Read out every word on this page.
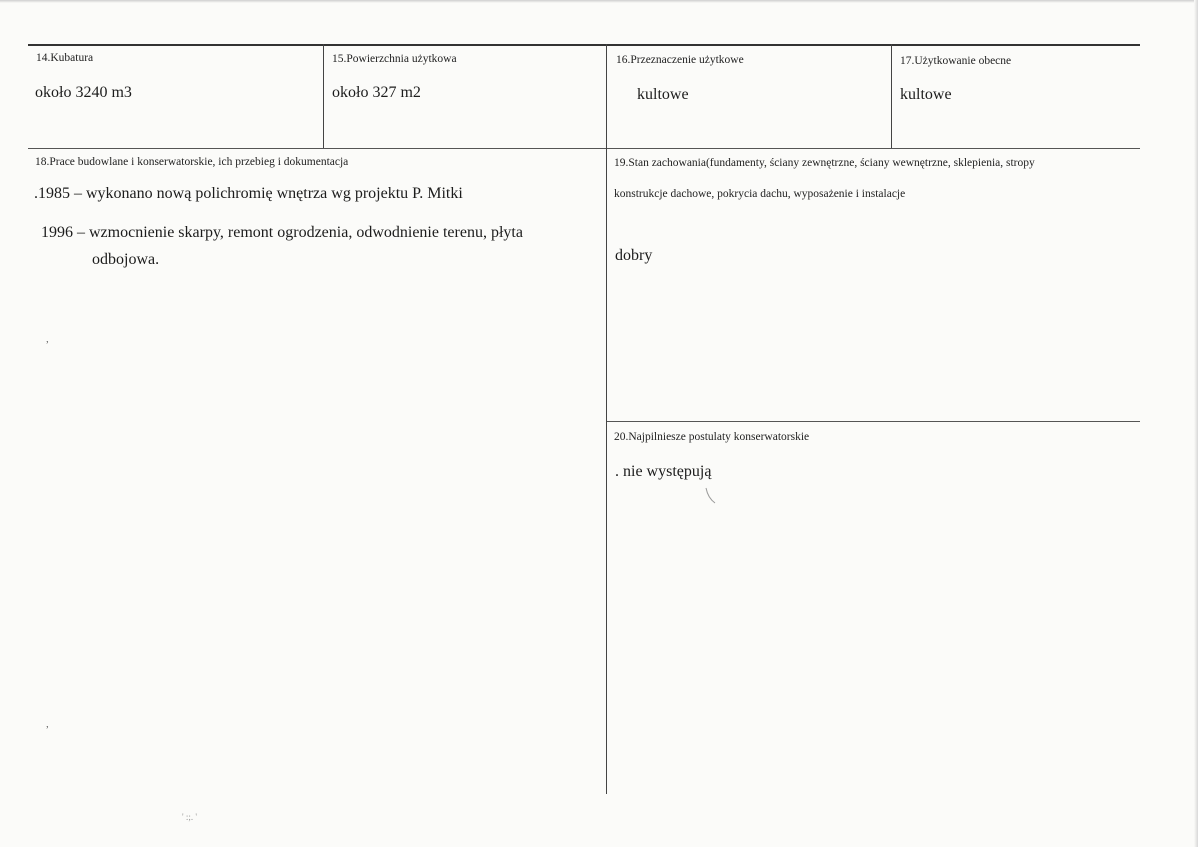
14.Kubatura
około 3240 m3
15.Powierzchnia użytkowa
około 327 m2
16.Przeznaczenie użytkowe
kultowe
17.Użytkowanie obecne
kultowe
18.Prace budowlane i konserwatorskie, ich przebieg i dokumentacja
.1985 – wykonano nową polichromię wnętrza wg projektu P. Mitki
1996 – wzmocnienie skarpy, remont ogrodzenia, odwodnienie terenu, płyta
odbojowa.
19.Stan zachowania(fundamenty, ściany zewnętrzne, ściany wewnętrzne, sklepienia, stropy
konstrukcje dachowe, pokrycia dachu, wyposażenie i instalacje
dobry
20.Najpilniesze postulaty konserwatorskie
. nie występują
,
,
' :;. '
